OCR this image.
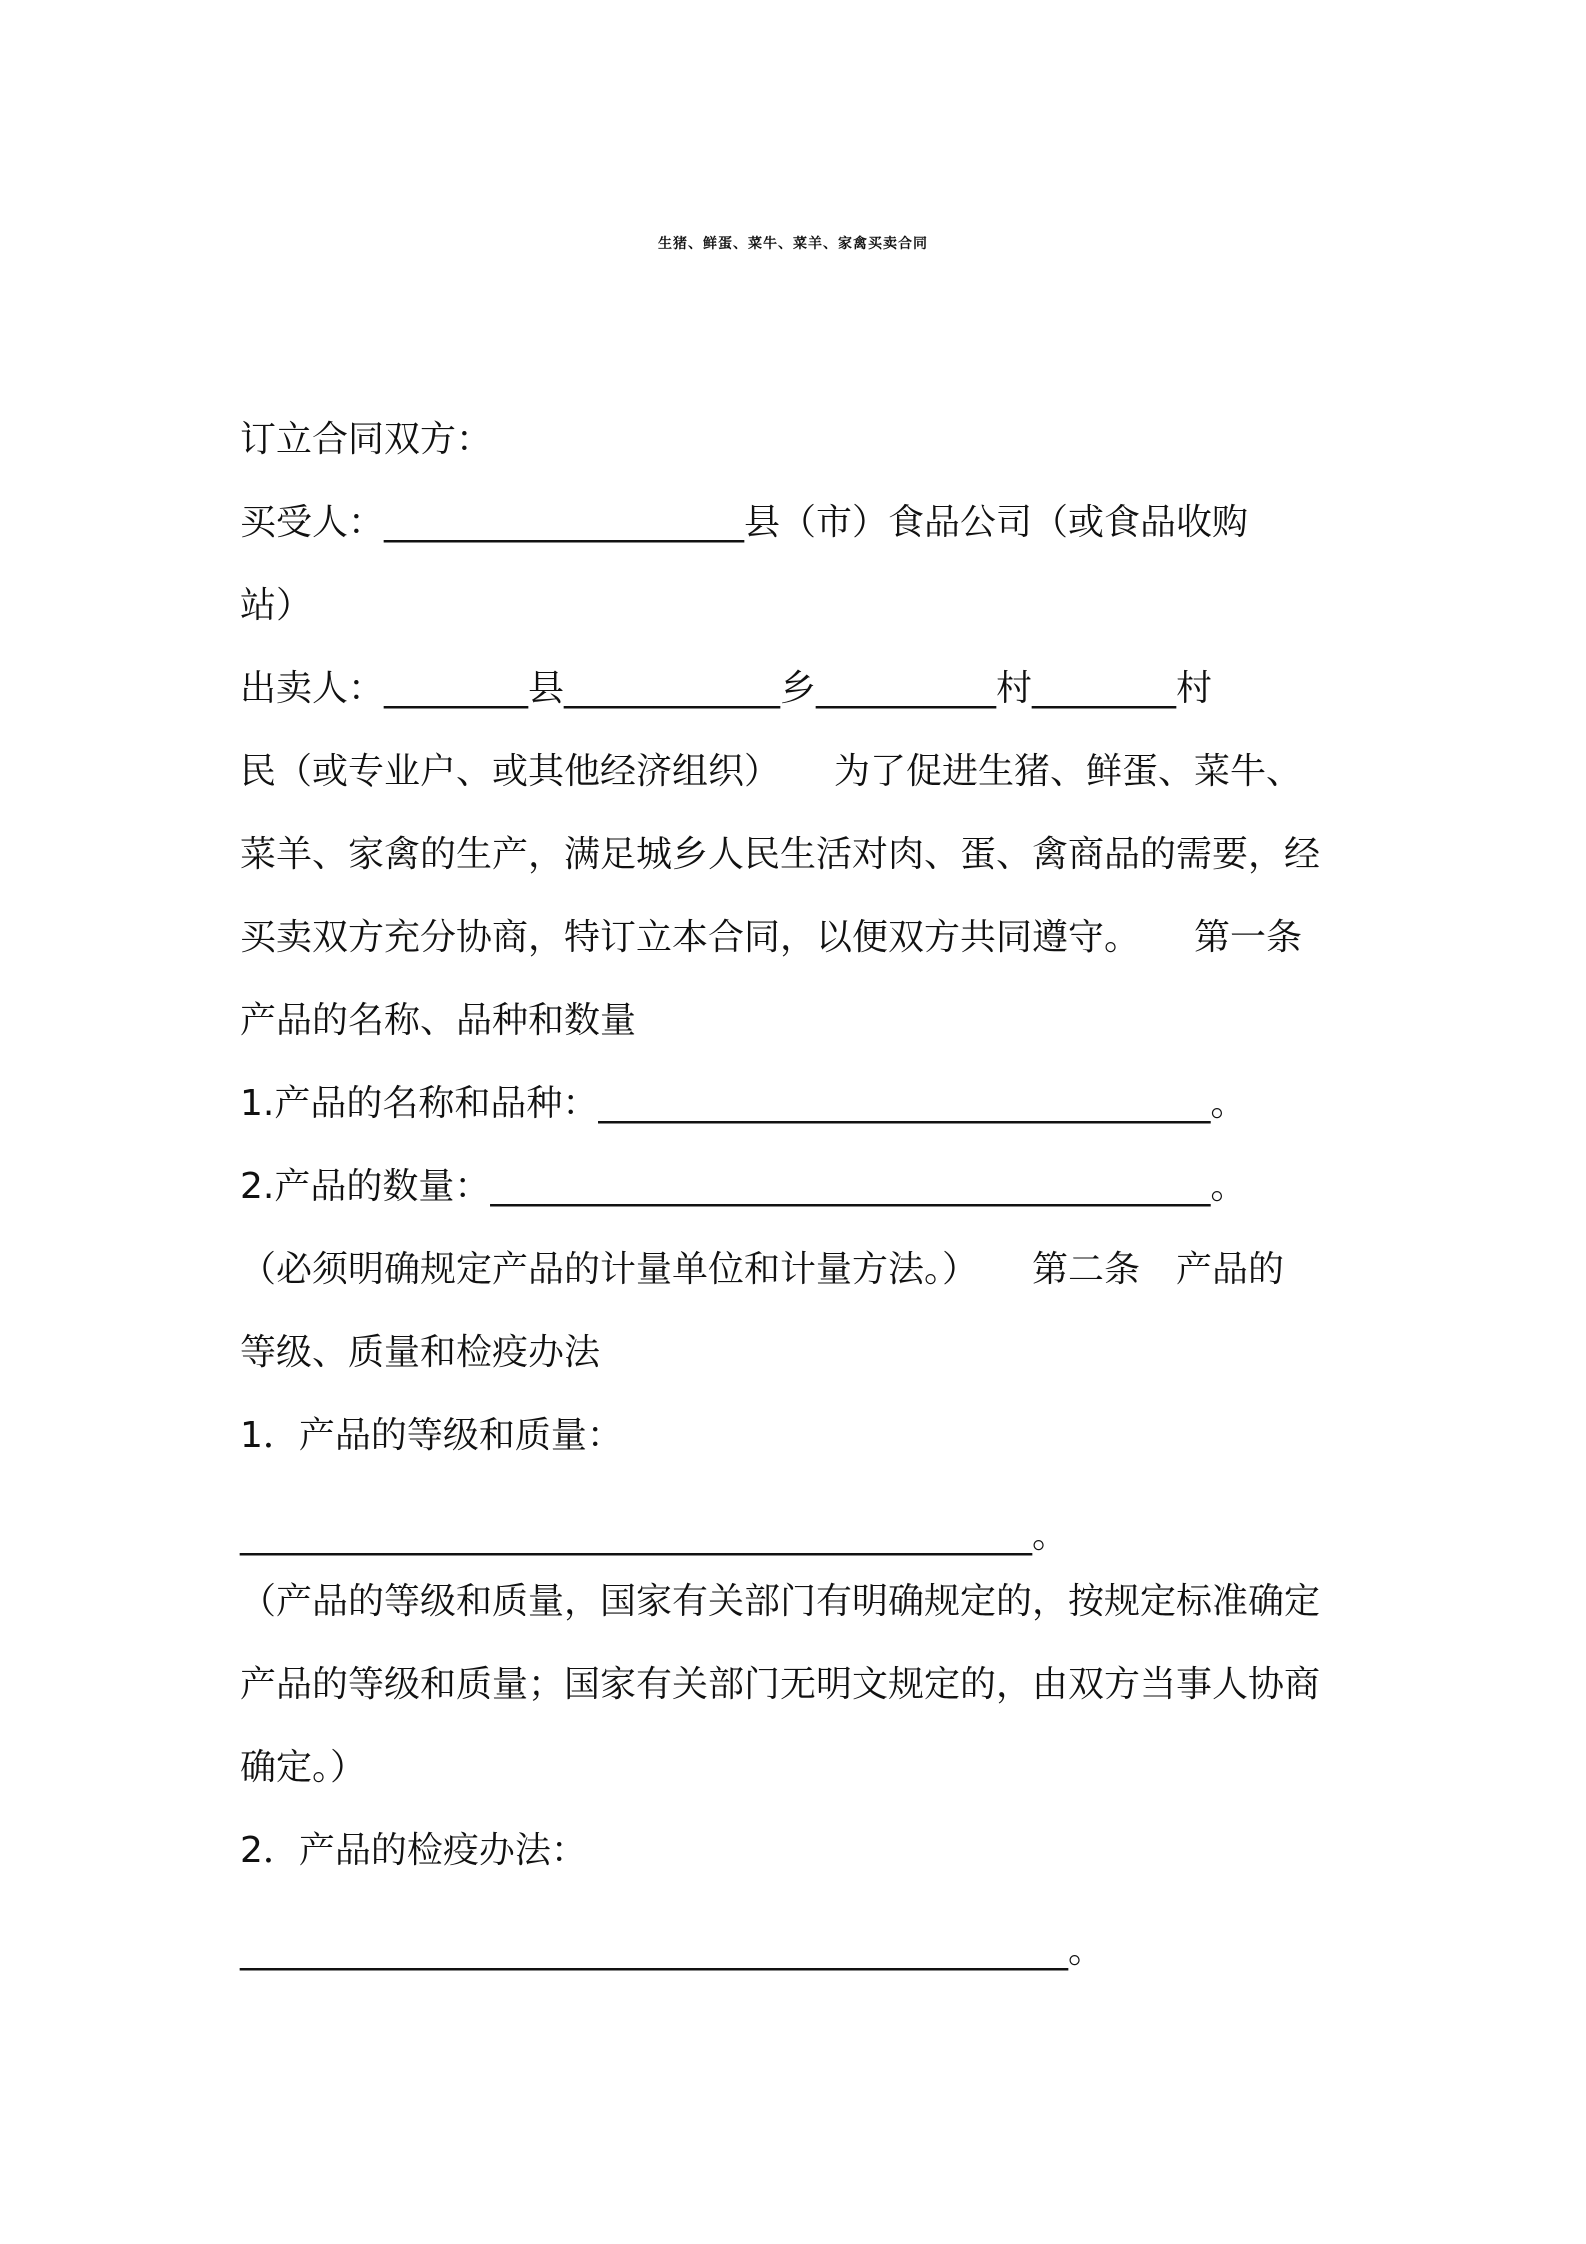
生猪、鲜蛋、菜牛、菜羊、家禽买卖合同
订立合同双方：
买受人：____________________县（市）食品公司（或食品收购
站）
出卖人：________县____________乡__________村________村
民（或专业户、或其他经济组织）　　为了促进生猪、鲜蛋、菜牛、
菜羊、家禽的生产，满足城乡人民生活对肉、蛋、禽商品的需要，经
买卖双方充分协商，特订立本合同，以便双方共同遵守。　　第一条
产品的名称、品种和数量
1.产品的名称和品种：__________________________________。
2.产品的数量：________________________________________。
（必须明确规定产品的计量单位和计量方法。）　　第二条　产品的
等级、质量和检疫办法
1．产品的等级和质量：
____________________________________________。
（产品的等级和质量，国家有关部门有明确规定的，按规定标准确定
产品的等级和质量；国家有关部门无明文规定的，由双方当事人协商
确定。）
2．产品的检疫办法：
______________________________________________。
